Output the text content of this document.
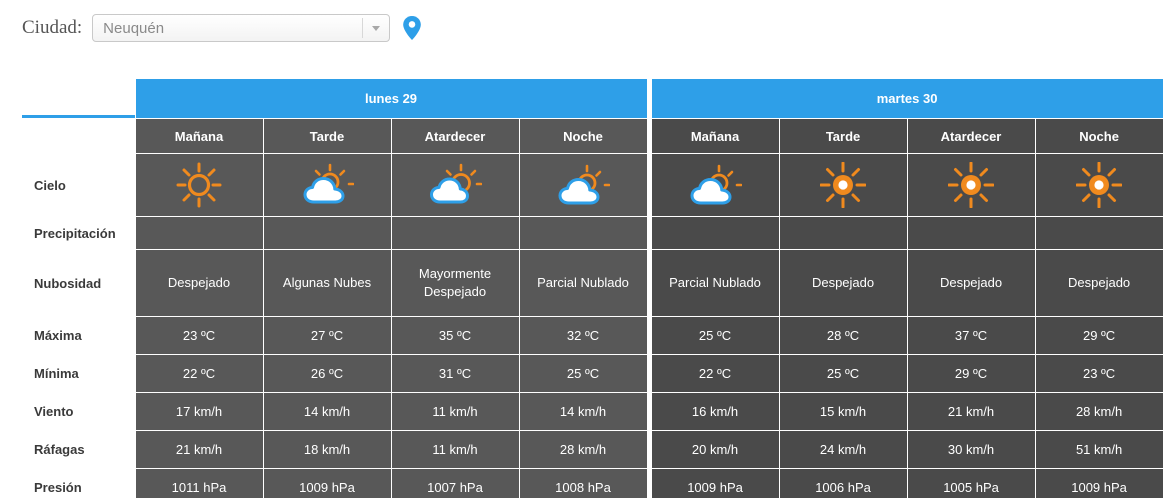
Ciudad:	Neuquén
	lunes 29					martes 30			
	Mañana	Tarde	Atardecer	Noche		Mañana	Tarde	Atardecer	Noche
Cielo	

Precipitación									
Nubosidad	Despejado	Algunas Nubes	Mayormente Despejado	Parcial Nublado		Parcial Nublado	Despejado	Despejado	Despejado
Máxima	23 ºC	27 ºC	35 ºC	32 ºC		25 ºC	28 ºC	37 ºC	29 ºC
Mínima	22 ºC	26 ºC	31 ºC	25 ºC		22 ºC	25 ºC	29 ºC	23 ºC
Viento	17 km/h	14 km/h	11 km/h	14 km/h		16 km/h	15 km/h	21 km/h	28 km/h
Ráfagas	21 km/h	18 km/h	11 km/h	28 km/h		20 km/h	24 km/h	30 km/h	51 km/h
Presión	1011 hPa	1009 hPa	1007 hPa	1008 hPa		1009 hPa	1006 hPa	1005 hPa	1009 hPa
